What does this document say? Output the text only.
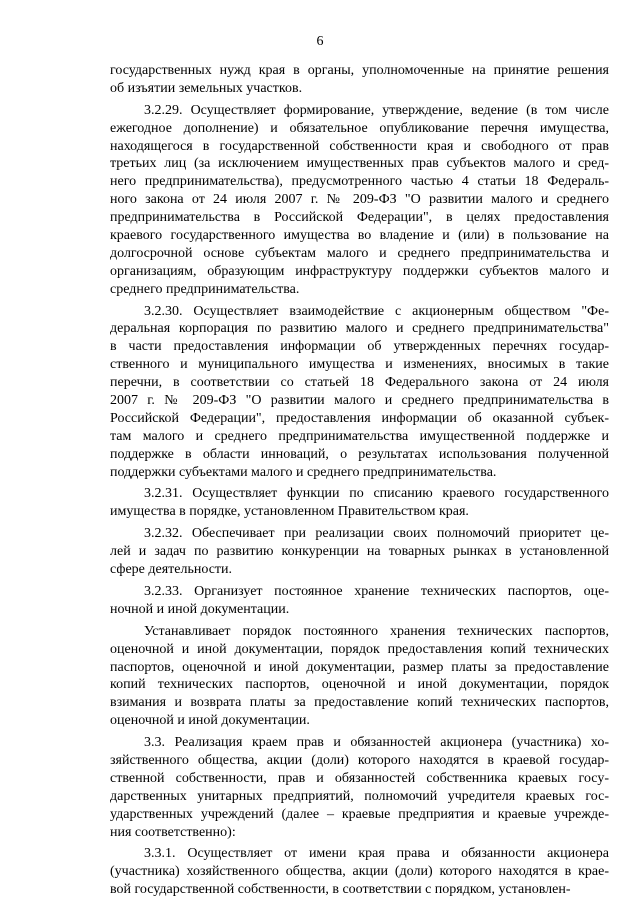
6
государственных нужд края в органы, уполномоченные на принятие решения
об изъятии земельных участков.
3.2.29. Осуществляет формирование, утверждение, ведение (в том числе
ежегодное дополнение) и обязательное опубликование перечня имущества,
находящегося в государственной собственности края и свободного от прав
третьих лиц (за исключением имущественных прав субъектов малого и сред-
него предпринимательства), предусмотренного частью 4 статьи 18 Федераль-
ного закона от 24 июля 2007 г. № 209-ФЗ "О развитии малого и среднего
предпринимательства в Российской Федерации", в целях предоставления
краевого государственного имущества во владение и (или) в пользование на
долгосрочной основе субъектам малого и среднего предпринимательства и
организациям, образующим инфраструктуру поддержки субъектов малого и
среднего предпринимательства.
3.2.30. Осуществляет взаимодействие с акционерным обществом "Фе-
деральная корпорация по развитию малого и среднего предпринимательства"
в части предоставления информации об утвержденных перечнях государ-
ственного и муниципального имущества и изменениях, вносимых в такие
перечни, в соответствии со статьей 18 Федерального закона от 24 июля
2007 г. № 209-ФЗ "О развитии малого и среднего предпринимательства в
Российской Федерации", предоставления информации об оказанной субъек-
там малого и среднего предпринимательства имущественной поддержке и
поддержке в области инноваций, о результатах использования полученной
поддержки субъектами малого и среднего предпринимательства.
3.2.31. Осуществляет функции по списанию краевого государственного
имущества в порядке, установленном Правительством края.
3.2.32. Обеспечивает при реализации своих полномочий приоритет це-
лей и задач по развитию конкуренции на товарных рынках в установленной
сфере деятельности.
3.2.33. Организует постоянное хранение технических паспортов, оце-
ночной и иной документации.
Устанавливает порядок постоянного хранения технических паспортов,
оценочной и иной документации, порядок предоставления копий технических
паспортов, оценочной и иной документации, размер платы за предоставление
копий технических паспортов, оценочной и иной документации, порядок
взимания и возврата платы за предоставление копий технических паспортов,
оценочной и иной документации.
3.3. Реализация краем прав и обязанностей акционера (участника) хо-
зяйственного общества, акции (доли) которого находятся в краевой государ-
ственной собственности, прав и обязанностей собственника краевых госу-
дарственных унитарных предприятий, полномочий учредителя краевых гос-
ударственных учреждений (далее – краевые предприятия и краевые учрежде-
ния соответственно):
3.3.1. Осуществляет от имени края права и обязанности акционера
(участника) хозяйственного общества, акции (доли) которого находятся в крае-
вой государственной собственности, в соответствии с порядком, установлен-
